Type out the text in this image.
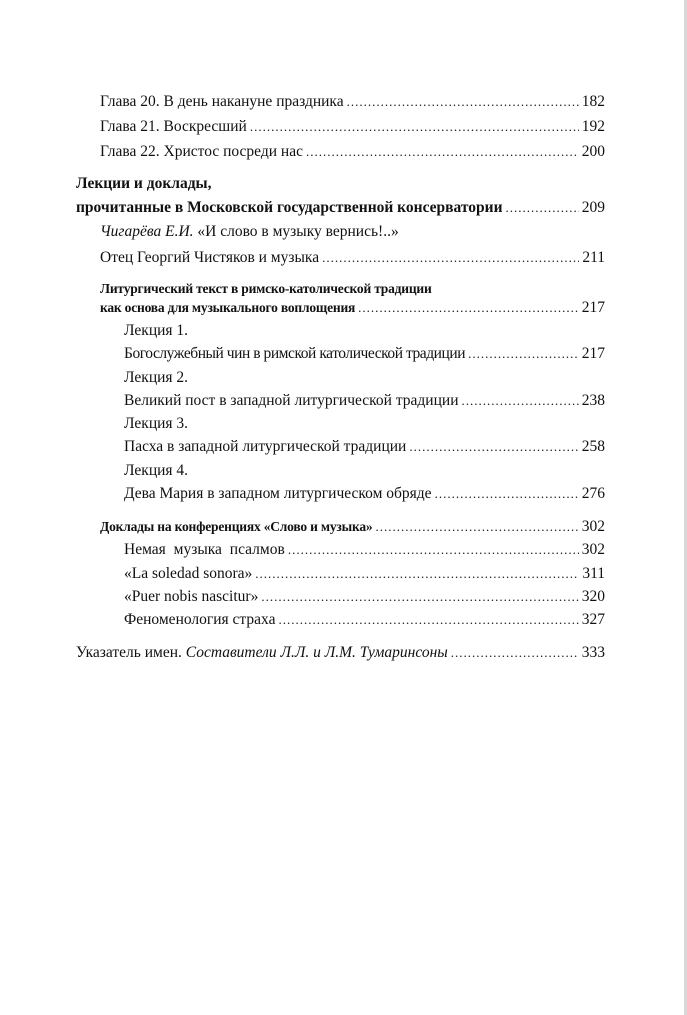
Глава 20. В день накануне праздника .....	182
Глава 21. Воскресший .....	192
Глава 22. Христос посреди нас .....	200
Лекции и доклады,
прочитанные в Московской государственной консерватории .....	209
Чигарёва Е.И. «И слово в музыку вернись!..»
Отец Георгий Чистяков и музыка .....	211
Литургический текст в римско-католической традиции
как основа для музыкального воплощения .....	217
Лекция 1.
Богослужебный чин в римской католической традиции .....	217
Лекция 2.
Великий пост в западной литургической традиции .....	238
Лекция 3.
Пасха в западной литургической традиции .....	258
Лекция 4.
Дева Мария в западном литургическом обряде .....	276
Доклады на конференциях «Слово и музыка» .....	302
Немая музыка псалмов .....	302
«La soledad sonora» .....	311
«Puer nobis nascitur» .....	320
Феноменология страха .....	327
Указатель имен. Составители Л.Л. и Л.М. Тумаринсоны .....	333
